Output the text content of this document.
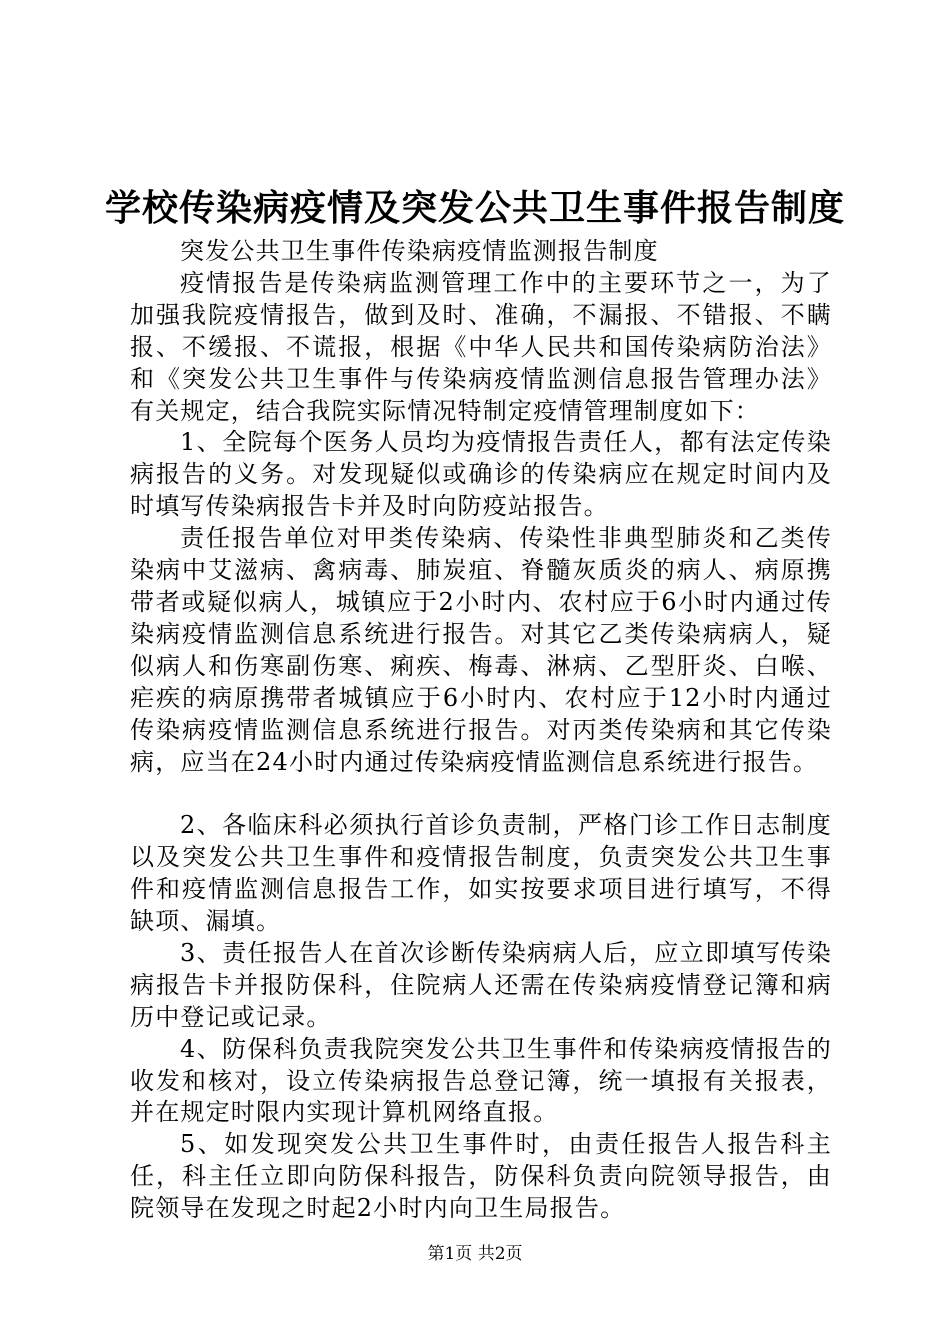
学校传染病疫情及突发公共卫生事件报告制度

突发公共卫生事件传染病疫情监测报告制度

疫情报告是传染病监测管理工作中的主要环节之一，为了加强我院疫情报告，做到及时、准确，不漏报、不错报、不瞒报、不缓报、不谎报，根据《中华人民共和国传染病防治法》和《突发公共卫生事件与传染病疫情监测信息报告管理办法》有关规定，结合我院实际情况特制定疫情管理制度如下：

1、全院每个医务人员均为疫情报告责任人，都有法定传染病报告的义务。对发现疑似或确诊的传染病应在规定时间内及时填写传染病报告卡并及时向防疫站报告。

责任报告单位对甲类传染病、传染性非典型肺炎和乙类传染病中艾滋病、禽病毒、肺炭疽、脊髓灰质炎的病人、病原携带者或疑似病人，城镇应于2小时内、农村应于6小时内通过传染病疫情监测信息系统进行报告。对其它乙类传染病病人，疑似病人和伤寒副伤寒、痢疾、梅毒、淋病、乙型肝炎、白喉、疟疾的病原携带者城镇应于6小时内、农村应于12小时内通过传染病疫情监测信息系统进行报告。对丙类传染病和其它传染病，应当在24小时内通过传染病疫情监测信息系统进行报告。

2、各临床科必须执行首诊负责制，严格门诊工作日志制度以及突发公共卫生事件和疫情报告制度，负责突发公共卫生事件和疫情监测信息报告工作，如实按要求项目进行填写，不得缺项、漏填。

3、责任报告人在首次诊断传染病病人后，应立即填写传染病报告卡并报防保科，住院病人还需在传染病疫情登记簿和病历中登记或记录。

4、防保科负责我院突发公共卫生事件和传染病疫情报告的收发和核对，设立传染病报告总登记簿，统一填报有关报表，并在规定时限内实现计算机网络直报。

5、如发现突发公共卫生事件时，由责任报告人报告科主任，科主任立即向防保科报告，防保科负责向院领导报告，由院领导在发现之时起2小时内向卫生局报告。

第1页 共2页
